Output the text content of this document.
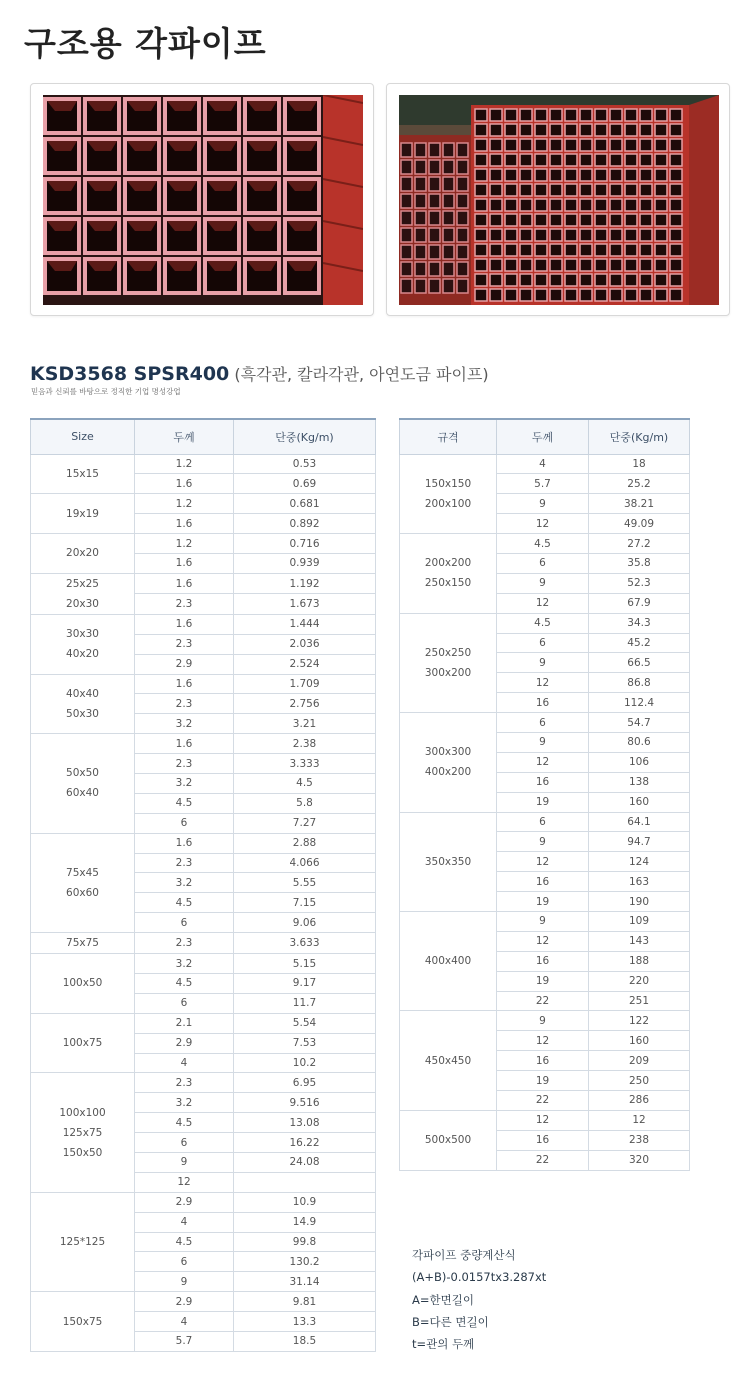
구조용 각파이프
KSD3568 SPSR400 (흑각관, 칼라각관, 아연도금 파이프)
믿음과 신뢰를 바탕으로 정직한 기업 명성강업
Size	두께	단중(Kg/m)

15x15	1.2	0.53
	1.6	0.69

19x19	1.2	0.681
	1.6	0.892

20x20	1.2	0.716
	1.6	0.939

25x25
20x30	1.6	1.192
	2.3	1.673

30x30
40x20	1.6	1.444
	2.3	2.036
	2.9	2.524

40x40
50x30	1.6	1.709
	2.3	2.756
	3.2	3.21

50x50
60x40	1.6	2.38
	2.3	3.333
	3.2	4.5
	4.5	5.8
	6	7.27

75x45
60x60	1.6	2.88
	2.3	4.066
	3.2	5.55
	4.5	7.15
	6	9.06

75x75	2.3	3.633

100x50	3.2	5.15
	4.5	9.17
	6	11.7

100x75	2.1	5.54
	2.9	7.53
	4	10.2

100x100
125x75
150x50	2.3	6.95
	3.2	9.516
	4.5	13.08
	6	16.22
	9	24.08
	12	

125*125	2.9	10.9
	4	14.9
	4.5	99.8
	6	130.2
	9	31.14

150x75	2.9	9.81
	4	13.3
	5.7	18.5
규격	두께	단중(Kg/m)

150x150
200x100	4	18
	5.7	25.2
	9	38.21
	12	49.09

200x200
250x150	4.5	27.2
	6	35.8
	9	52.3
	12	67.9

250x250
300x200	4.5	34.3
	6	45.2
	9	66.5
	12	86.8
	16	112.4

300x300
400x200	6	54.7
	9	80.6
	12	106
	16	138
	19	160

350x350	6	64.1
	9	94.7
	12	124
	16	163
	19	190

400x400	9	109
	12	143
	16	188
	19	220
	22	251

450x450	9	122
	12	160
	16	209
	19	250
	22	286

500x500	12	12
	16	238
	22	320
각파이프 중량계산식
(A+B)-0.0157tx3.287xt
A=한면길이
B=다른 면길이
t=관의 두께
